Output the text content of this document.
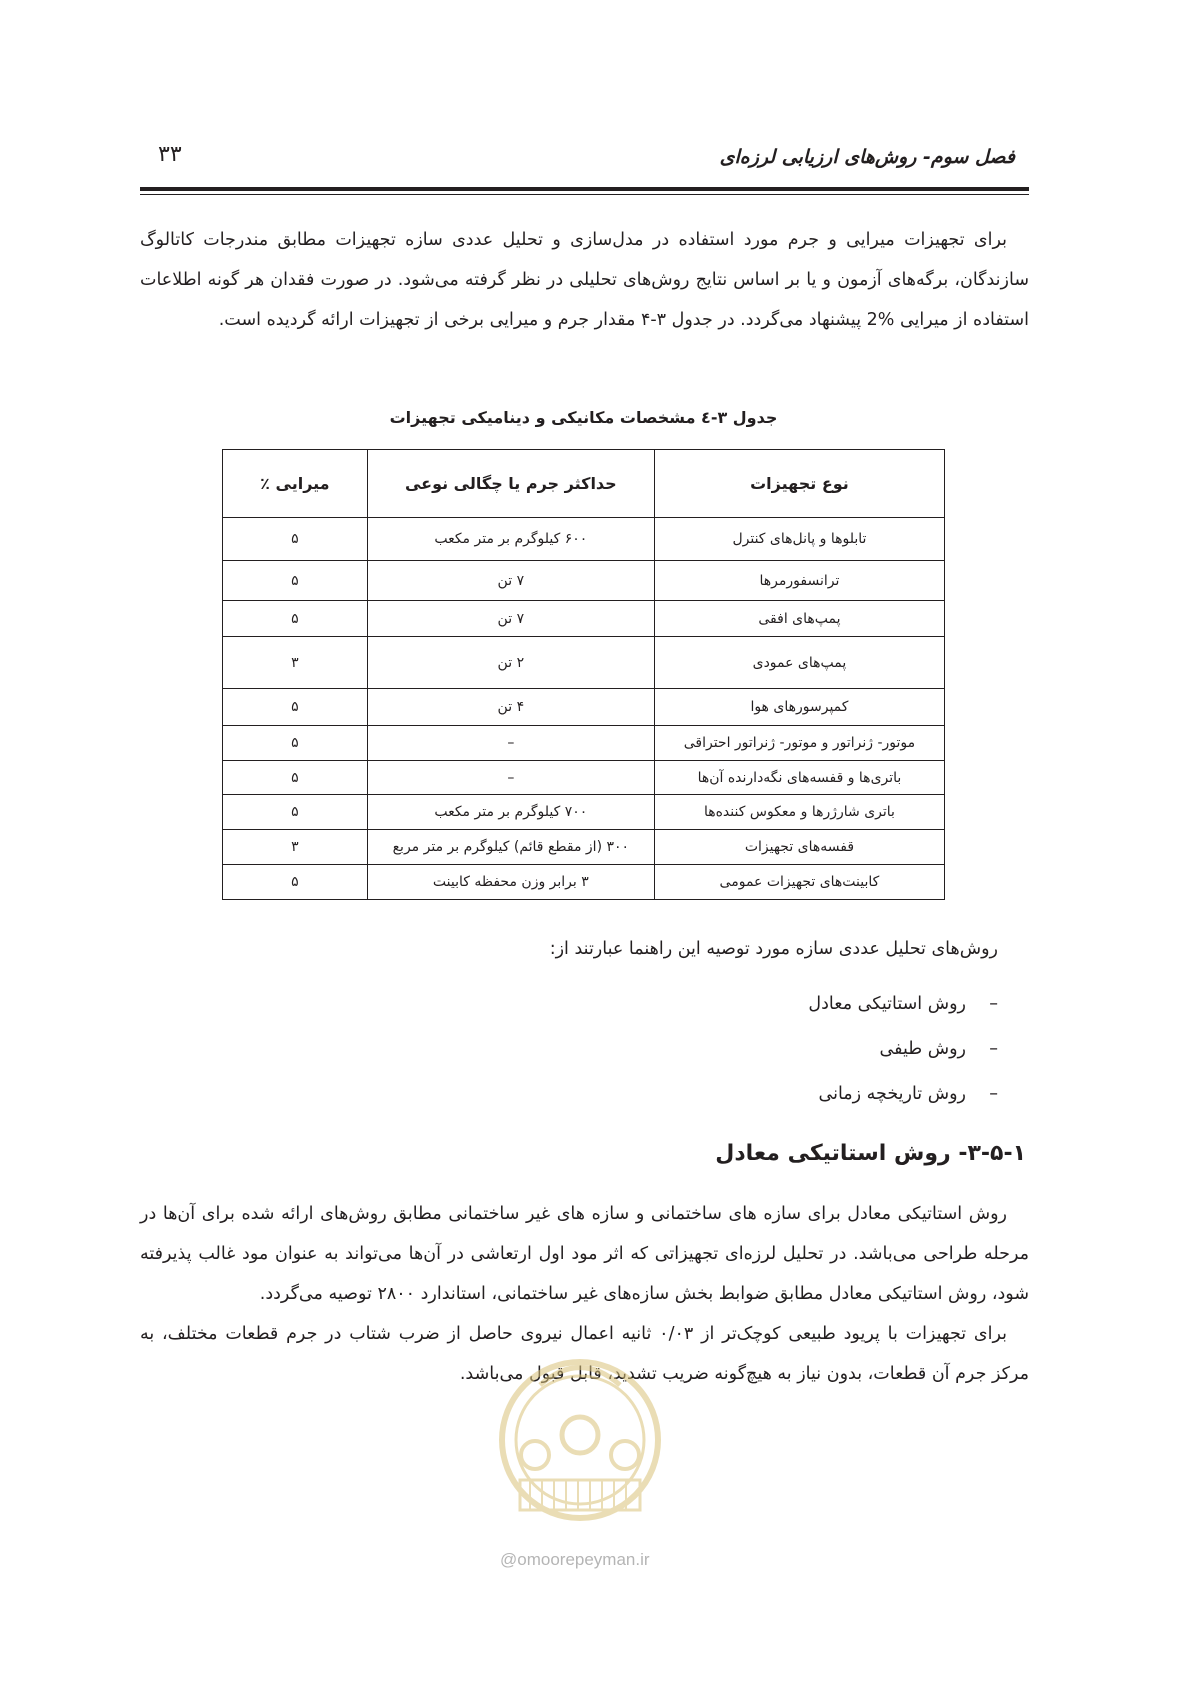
۳۳	فصل سوم- روش‌های ارزیابی لرزه‌ای

برای تجهیزات میرایی و جرم مورد استفاده در مدل‌سازی و تحلیل عددی سازه تجهیزات مطابق مندرجات کاتالوگ سازندگان، برگه‌های آزمون و یا بر اساس نتایج روش‌های تحلیلی در نظر گرفته می‌شود. در صورت فقدان هر گونه اطلاعات استفاده از میرایی %2 پیشنهاد می‌گردد. در جدول ۳-۴ مقدار جرم و میرایی برخی از تجهیزات ارائه گردیده است.

جدول ۳-٤ مشخصات مکانیکی و دینامیکی تجهیزات
نوع تجهیزات	حداکثر جرم یا چگالی نوعی	میرایی ٪
تابلوها و پانل‌های کنترل	۶۰۰ کیلوگرم بر متر مکعب	۵
ترانسفورمرها	۷ تن	۵
پمپ‌های افقی	۷ تن	۵
پمپ‌های عمودی	۲ تن	۳
کمپرسورهای هوا	۴ تن	۵
موتور- ژنراتور و موتور- ژنراتور احتراقی	–	۵
باتری‌ها و قفسه‌های نگه‌دارنده آن‌ها	–	۵
باتری شارژرها و معکوس کننده‌ها	۷۰۰ کیلوگرم بر متر مکعب	۵
قفسه‌های تجهیزات	۳۰۰ (از مقطع قائم) کیلوگرم بر متر مربع	۳
کابینت‌های تجهیزات عمومی	۳ برابر وزن محفظه کابینت	۵
روش‌های تحلیل عددی سازه مورد توصیه این راهنما عبارتند از:
–روش استاتیکی معادل
–روش طیفی
–روش تاریخچه زمانی
۳-۵-۱- روش استاتیکی معادل

روش استاتیکی معادل برای سازه های ساختمانی و سازه های غیر ساختمانی مطابق روش‌های ارائه شده برای آن‌ها در مرحله طراحی می‌باشد. در تحلیل لرزه‌ای تجهیزاتی که اثر مود اول ارتعاشی در آن‌ها می‌تواند به عنوان مود غالب پذیرفته شود، روش استاتیکی معادل مطابق ضوابط بخش سازه‌های غیر ساختمانی، استاندارد ۲۸۰۰ توصیه می‌گردد.

برای تجهیزات با پریود طبیعی کوچک‌تر از ۰/۰۳ ثانیه اعمال نیروی حاصل از ضرب شتاب در جرم قطعات مختلف، به مرکز جرم آن قطعات، بدون نیاز به هیچ‌گونه ضریب تشدید، قابل قبول می‌باشد.

@omoorepeyman.ir
